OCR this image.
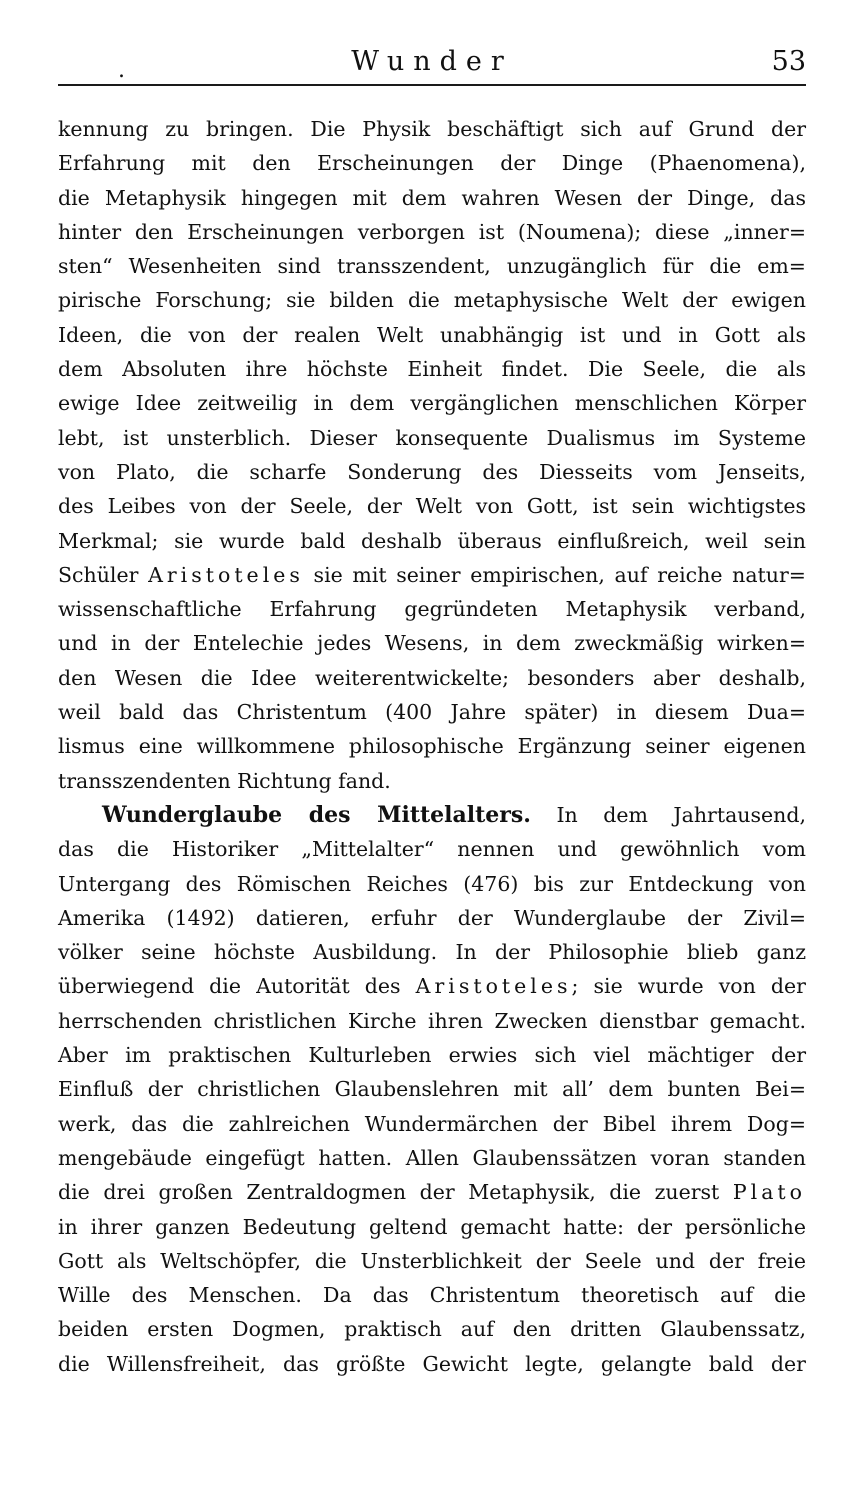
.	Wunder	53
kennung zu bringen. Die Physik beschäftigt sich auf Grund der
Erfahrung mit den Erscheinungen der Dinge (Phaenomena),
die Metaphysik hingegen mit dem wahren Wesen der Dinge, das
hinter den Erscheinungen verborgen ist (Noumena); diese „inner=
sten“ Wesenheiten sind transszendent, unzugänglich für die em=
pirische Forschung; sie bilden die metaphysische Welt der ewigen
Ideen, die von der realen Welt unabhängig ist und in Gott als
dem Absoluten ihre höchste Einheit findet. Die Seele, die als
ewige Idee zeitweilig in dem vergänglichen menschlichen Körper
lebt, ist unsterblich. Dieser konsequente Dualismus im Systeme
von Plato, die scharfe Sonderung des Diesseits vom Jenseits,
des Leibes von der Seele, der Welt von Gott, ist sein wichtigstes
Merkmal; sie wurde bald deshalb überaus einflußreich, weil sein
Schüler Aristoteles sie mit seiner empirischen, auf reiche natur=
wissenschaftliche Erfahrung gegründeten Metaphysik verband,
und in der Entelechie jedes Wesens, in dem zweckmäßig wirken=
den Wesen die Idee weiterentwickelte; besonders aber deshalb,
weil bald das Christentum (400 Jahre später) in diesem Dua=
lismus eine willkommene philosophische Ergänzung seiner eigenen
transszendenten Richtung fand.
Wunderglaube des Mittelalters. In dem Jahrtausend,
das die Historiker „Mittelalter“ nennen und gewöhnlich vom
Untergang des Römischen Reiches (476) bis zur Entdeckung von
Amerika (1492) datieren, erfuhr der Wunderglaube der Zivil=
völker seine höchste Ausbildung. In der Philosophie blieb ganz
überwiegend die Autorität des Aristoteles; sie wurde von der
herrschenden christlichen Kirche ihren Zwecken dienstbar gemacht.
Aber im praktischen Kulturleben erwies sich viel mächtiger der
Einfluß der christlichen Glaubenslehren mit all’ dem bunten Bei=
werk, das die zahlreichen Wundermärchen der Bibel ihrem Dog=
mengebäude eingefügt hatten. Allen Glaubenssätzen voran standen
die drei großen Zentraldogmen der Metaphysik, die zuerst Plato
in ihrer ganzen Bedeutung geltend gemacht hatte: der persönliche
Gott als Weltschöpfer, die Unsterblichkeit der Seele und der freie
Wille des Menschen. Da das Christentum theoretisch auf die
beiden ersten Dogmen, praktisch auf den dritten Glaubenssatz,
die Willensfreiheit, das größte Gewicht legte, gelangte bald der
